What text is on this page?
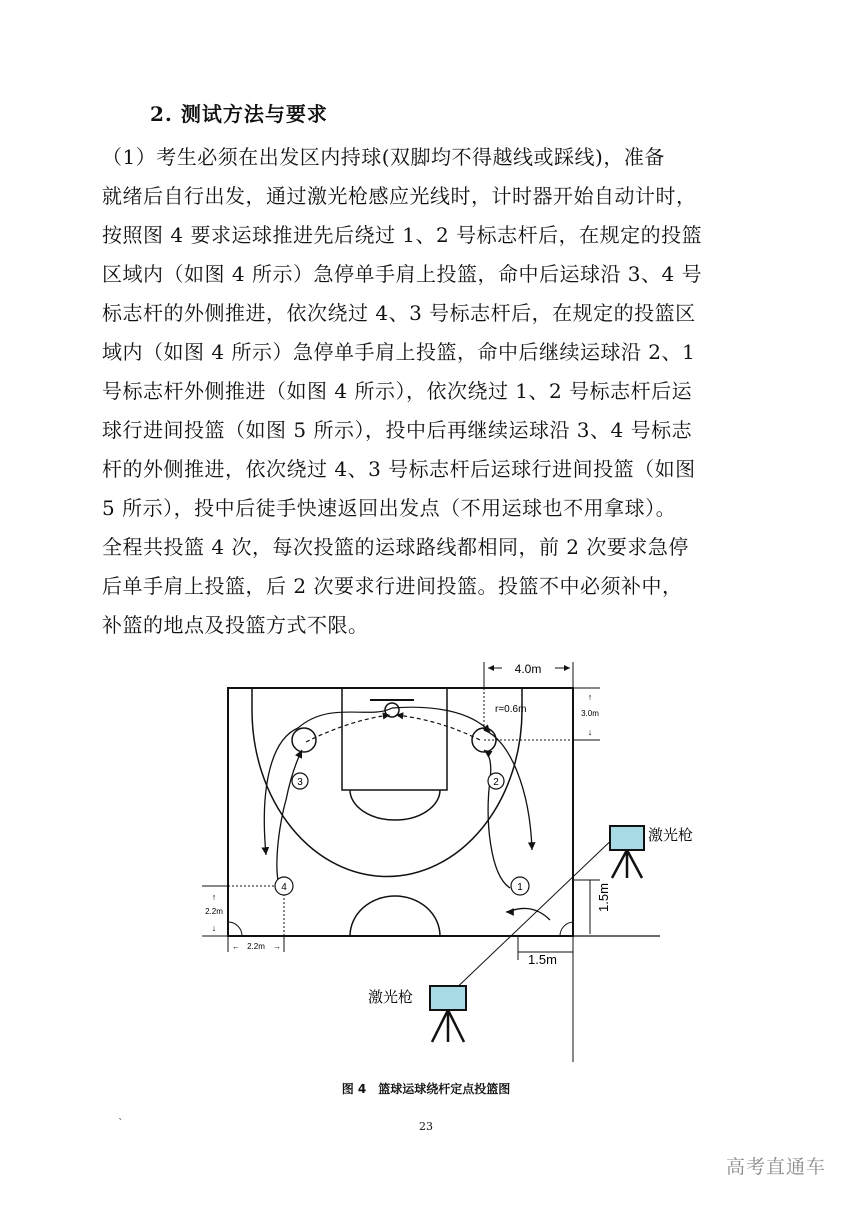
2. 测试方法与要求

（1）考生必须在出发区内持球(双脚均不得越线或踩线)，准备
就绪后自行出发，通过激光枪感应光线时，计时器开始自动计时，
按照图 4 要求运球推进先后绕过 1、2 号标志杆后，在规定的投篮
区域内（如图 4 所示）急停单手肩上投篮，命中后运球沿 3、4 号
标志杆的外侧推进，依次绕过 4、3 号标志杆后，在规定的投篮区
域内（如图 4 所示）急停单手肩上投篮，命中后继续运球沿 2、1
号标志杆外侧推进（如图 4 所示），依次绕过 1、2 号标志杆后运
球行进间投篮（如图 5 所示），投中后再继续运球沿 3、4 号标志
杆的外侧推进，依次绕过 4、3 号标志杆后运球行进间投篮（如图
5 所示），投中后徒手快速返回出发点（不用运球也不用拿球）。
全程共投篮 4 次，每次投篮的运球路线都相同，前 2 次要求急停
后单手肩上投篮，后 2 次要求行进间投篮。投篮不中必须补中，
补篮的地点及投篮方式不限。

3	2
4	1
4.0m
r=0.6m
↑
↓
3.0m
↑
↓
2.2m
2.2m
←	→
1.5m
1.5m
激光枪
激光枪
图 4　篮球运球绕杆定点投篮图
`	23
高考直通车
